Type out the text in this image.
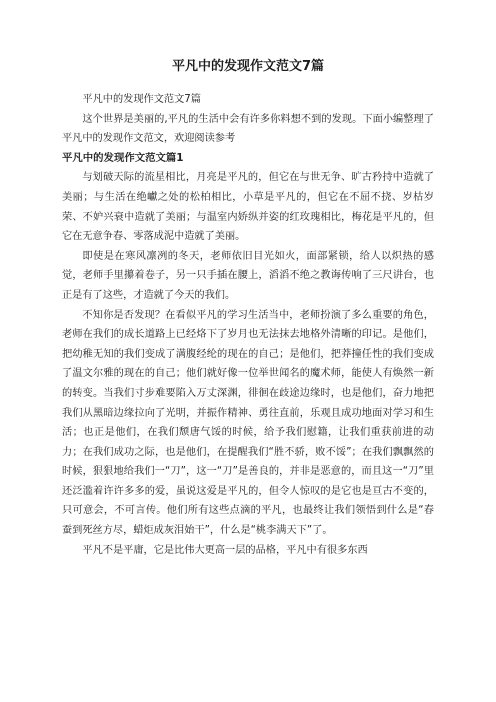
平凡中的发现作文范文7篇

平凡中的发现作文范文7篇

这个世界是美丽的,平凡的生活中会有许多你料想不到的发现。下面小编整理了平凡中的发现作文范文，欢迎阅读参考

平凡中的发现作文范文篇1

与划破天际的流星相比，月亮是平凡的，但它在与世无争、旷古矜持中造就了美丽；与生活在绝巘之处的松柏相比，小草是平凡的，但它在不屈不挠、岁枯岁荣、不妒兴衰中造就了美丽；与温室内娇纵并姿的红玫瑰相比，梅花是平凡的，但它在无意争春、零落成泥中造就了美丽。

即使是在寒风凛冽的冬天，老师依旧目光如火，面部紧锁，给人以炽热的感觉，老师手里攥着卷子，另一只手插在腰上，滔滔不绝之教诲传响了三尺讲台，也正是有了这些，才造就了今天的我们。

不知你是否发现？在看似平凡的学习生活当中，老师扮演了多么重要的角色，老师在我们的成长道路上已经烙下了岁月也无法抹去地格外清晰的印记。是他们，把幼稚无知的我们变成了满腹经纶的现在的自己；是他们，把莽撞任性的我们变成了温文尔雅的现在的自己；他们就好像一位举世闻名的魔术师，能使人有焕然一新的转变。当我们寸步难要陷入万丈深渊，徘徊在歧途边缘时，也是他们，奋力地把我们从黑暗边缘拉向了光明，并振作精神、勇往直前，乐观且成功地面对学习和生活；也正是他们，在我们颓唐气馁的时候，给予我们慰籍，让我们重获前进的动力；在我们成功之际，也是他们，在提醒我们“胜不骄，败不馁”；在我们飘飘然的时候，狠狠地给我们一“刀”，这一“刀”是善良的，并非是恶意的，而且这一“刀”里还泛滥着许许多多的爱，虽说这爱是平凡的，但令人惊叹的是它也是亘古不变的，只可意会，不可言传。他们所有这些点滴的平凡，也最终让我们领悟到什么是“春蚕到死丝方尽，蜡炬成灰泪始干”，什么是“桃李满天下”了。

平凡不是平庸，它是比伟大更高一层的品格，平凡中有很多东西
